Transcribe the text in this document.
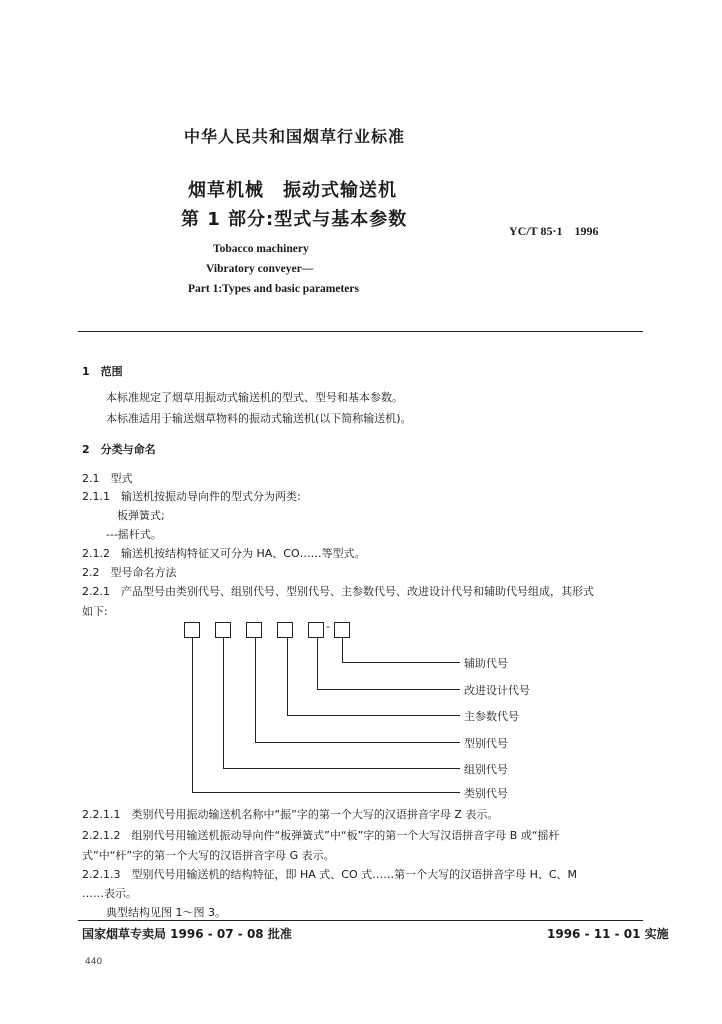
中华人民共和国烟草行业标准
烟草机械　振动式输送机
第 1 部分:型式与基本参数
YC/T 85·1　1996
Tobacco machinery
Vibratory conveyer—
Part 1:Types and basic parameters
1　范围
本标准规定了烟草用振动式输送机的型式、型号和基本参数。
本标准适用于输送烟草物料的振动式输送机(以下简称输送机)。
2　分类与命名
2.1　型式
2.1.1　输送机按振动导向件的型式分为两类:
板弹簧式;
---摇杆式。
2.1.2　输送机按结构特征又可分为 HA、CO……等型式。
2.2　型号命名方法
2.2.1　产品型号由类别代号、组别代号、型别代号、主参数代号、改进设计代号和辅助代号组成，其形式
如下:
-
辅助代号
改进设计代号
主参数代号
型别代号
组别代号
类别代号
2.2.1.1　类别代号用振动输送机名称中“振”字的第一个大写的汉语拼音字母 Z 表示。
2.2.1.2　组别代号用输送机振动导向件“板弹簧式”中“板”字的第一个大写汉语拼音字母 B 或“摇杆
式”中“杆”字的第一个大写的汉语拼音字母 G 表示。
2.2.1.3　型别代号用输送机的结构特征，即 HA 式、CO 式……第一个大写的汉语拼音字母 H、C、M
……表示。
典型结构见图 1～图 3。
国家烟草专卖局 1996 - 07 - 08 批准	1996 - 11 - 01 实施
440
